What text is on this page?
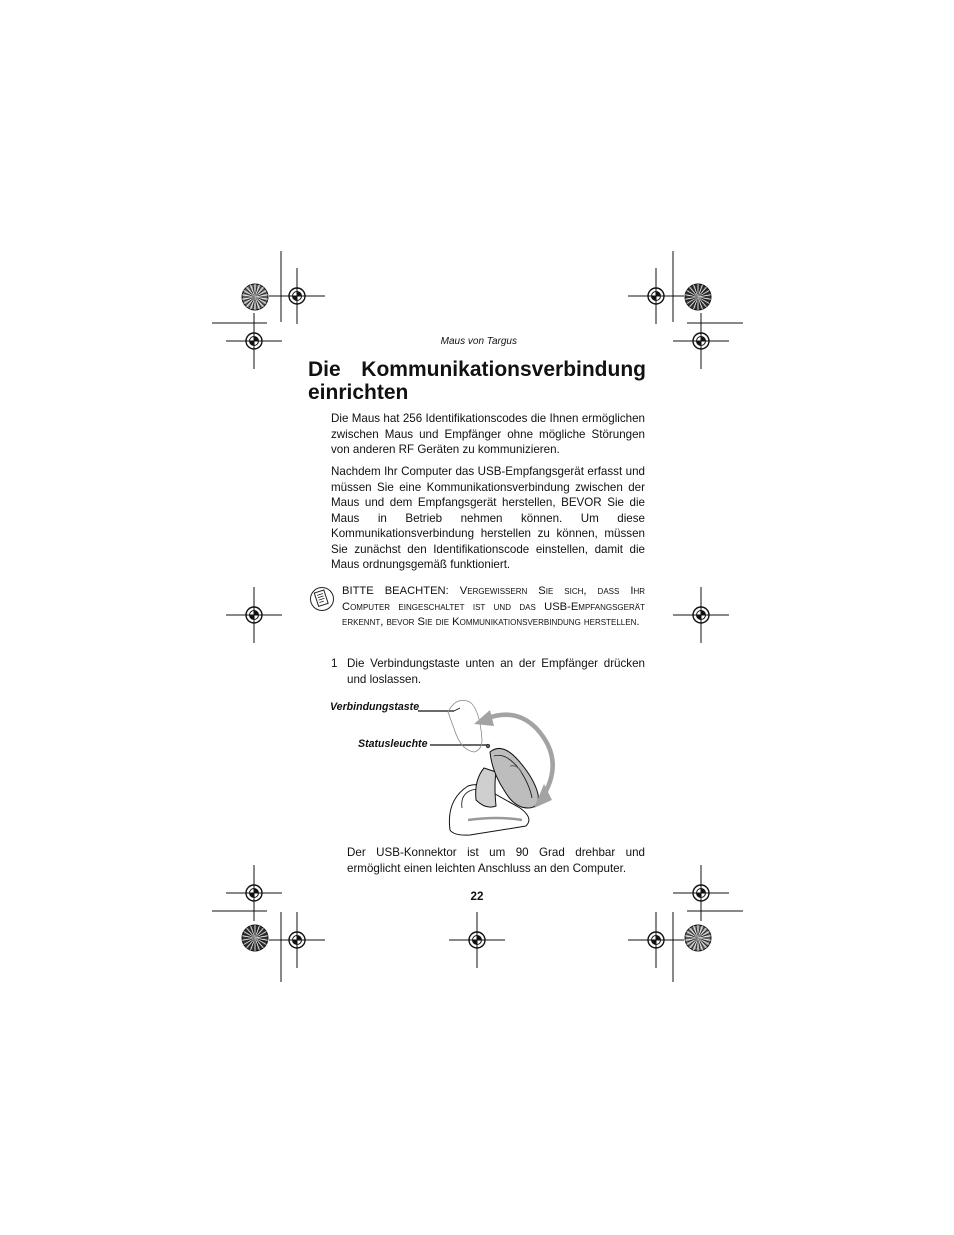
Maus von Targus
Die Kommunikationsverbindung
einrichten

Die Maus hat 256 Identifikationscodes die Ihnen ermöglichen zwischen Maus und Empfänger ohne mögliche Störungen von anderen RF Geräten zu kommunizieren.

Nachdem Ihr Computer das USB-Empfangsgerät erfasst und müssen Sie eine Kommunikationsverbindung zwischen der Maus und dem Empfangsgerät herstellen, BEVOR Sie die Maus in Betrieb nehmen können. Um diese Kommunikationsverbindung herstellen zu können, müssen Sie zunächst den Identifikationscode einstellen, damit die Maus ordnungsgemäß funktioniert.

BITTE BEACHTEN: Vergewissern Sie sich, dass Ihr Computer eingeschaltet ist und das USB-Empfangsgerät erkennt, bevor Sie die Kommunikationsverbindung herstellen.

1 Die Verbindungstaste unten an der Empfänger drücken und loslassen.

Verbindungstaste
Statusleuchte

Der USB-Konnektor ist um 90 Grad drehbar und ermöglicht einen leichten Anschluss an den Computer.

22
